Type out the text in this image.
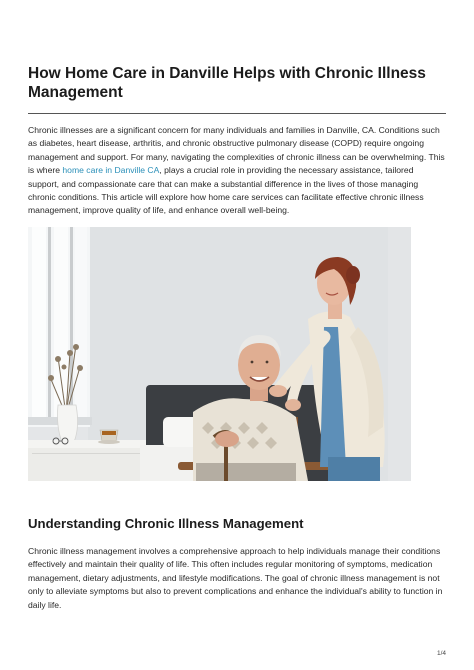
How Home Care in Danville Helps with Chronic Illness Management

Chronic illnesses are a significant concern for many individuals and families in Danville, CA. Conditions such as diabetes, heart disease, arthritis, and chronic obstructive pulmonary disease (COPD) require ongoing management and support. For many, navigating the complexities of chronic illness can be overwhelming. This is where home care in Danville CA, plays a crucial role in providing the necessary assistance, tailored support, and compassionate care that can make a substantial difference in the lives of those managing chronic conditions. This article will explore how home care services can facilitate effective chronic illness management, improve quality of life, and enhance overall well-being.

Understanding Chronic Illness Management

Chronic illness management involves a comprehensive approach to help individuals manage their conditions effectively and maintain their quality of life. This often includes regular monitoring of symptoms, medication management, dietary adjustments, and lifestyle modifications. The goal of chronic illness management is not only to alleviate symptoms but also to prevent complications and enhance the individual's ability to function in daily life.

1/4
